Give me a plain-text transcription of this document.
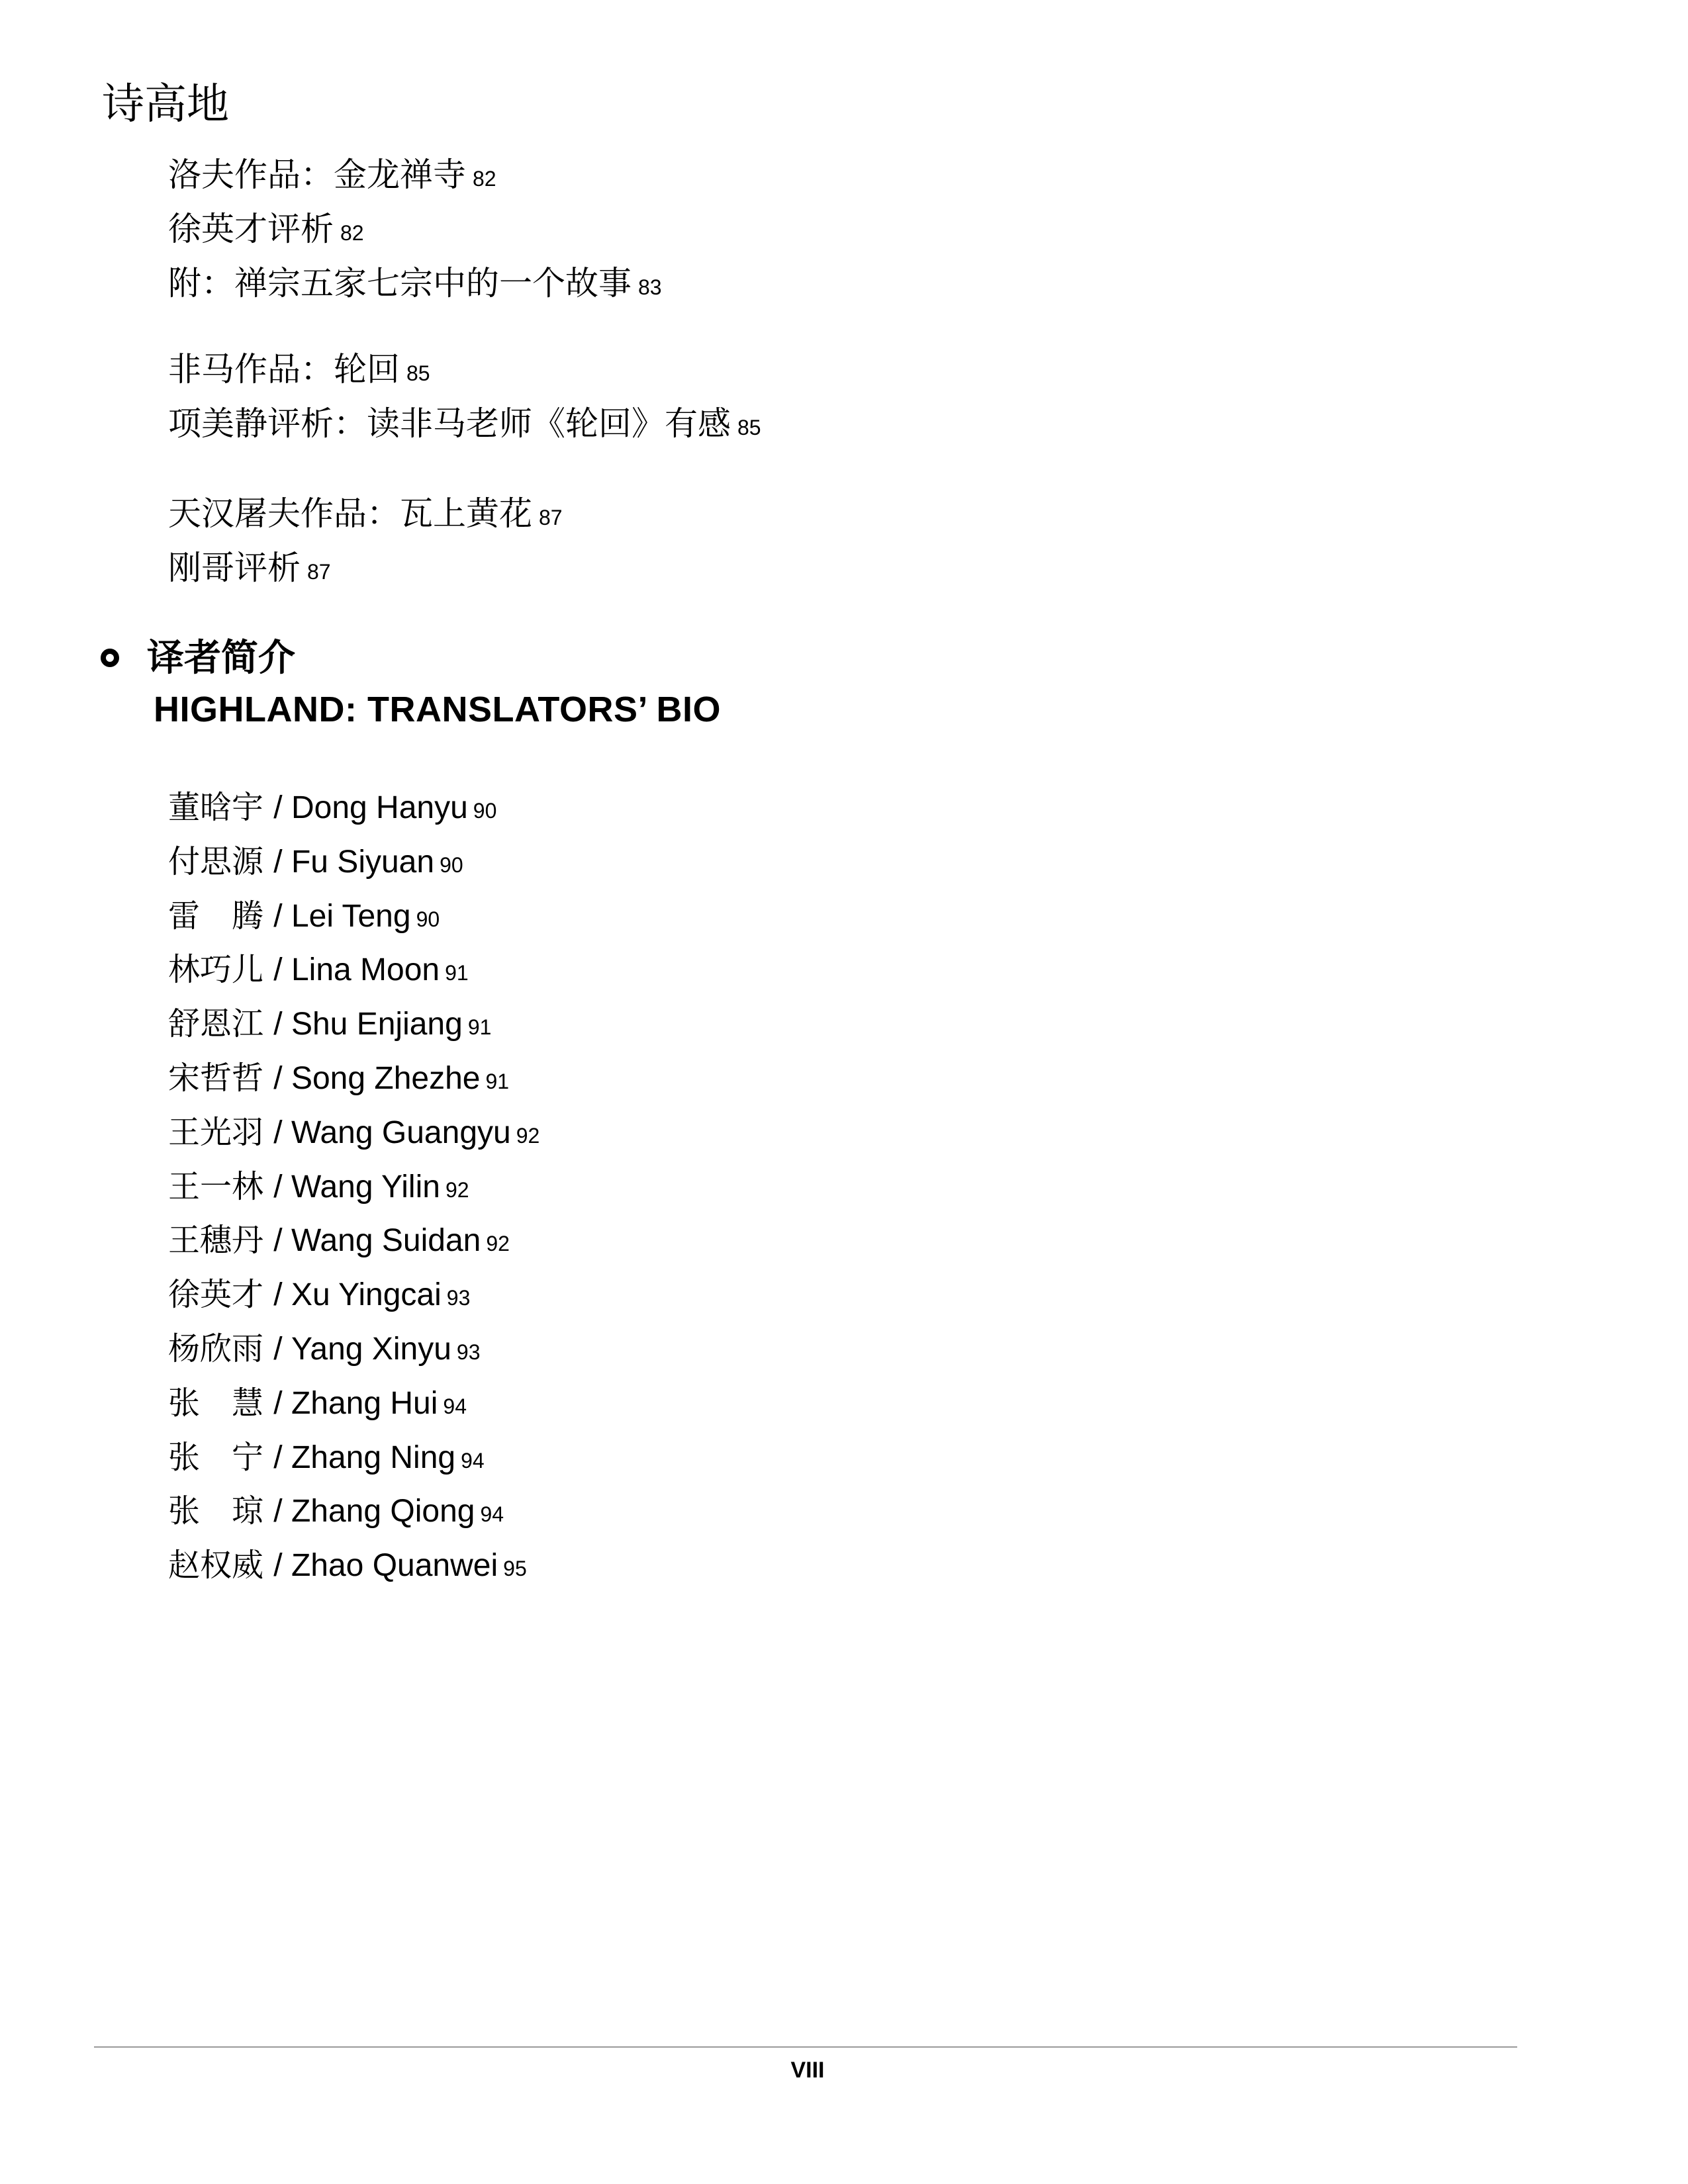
诗高地
洛夫作品：金龙禅寺 82
徐英才评析 82
附：禅宗五家七宗中的一个故事 83
非马作品：轮回 85
项美静评析：读非马老师《轮回》有感 85
天汉屠夫作品：瓦上黄花 87
刚哥评析 87
译者简介
HIGHLAND: TRANSLATORS’ BIO
董晗宇 / Dong Hanyu 90
付思源 / Fu Siyuan 90
雷　腾 / Lei Teng 90
林巧儿 / Lina Moon 91
舒恩江 / Shu Enjiang 91
宋哲哲 / Song Zhezhe 91
王光羽 / Wang Guangyu 92
王一林 / Wang Yilin 92
王穗丹 / Wang Suidan 92
徐英才 / Xu Yingcai 93
杨欣雨 / Yang Xinyu 93
张　慧 / Zhang Hui 94
张　宁 / Zhang Ning 94
张　琼 / Zhang Qiong 94
赵权威 / Zhao Quanwei 95
VIII
